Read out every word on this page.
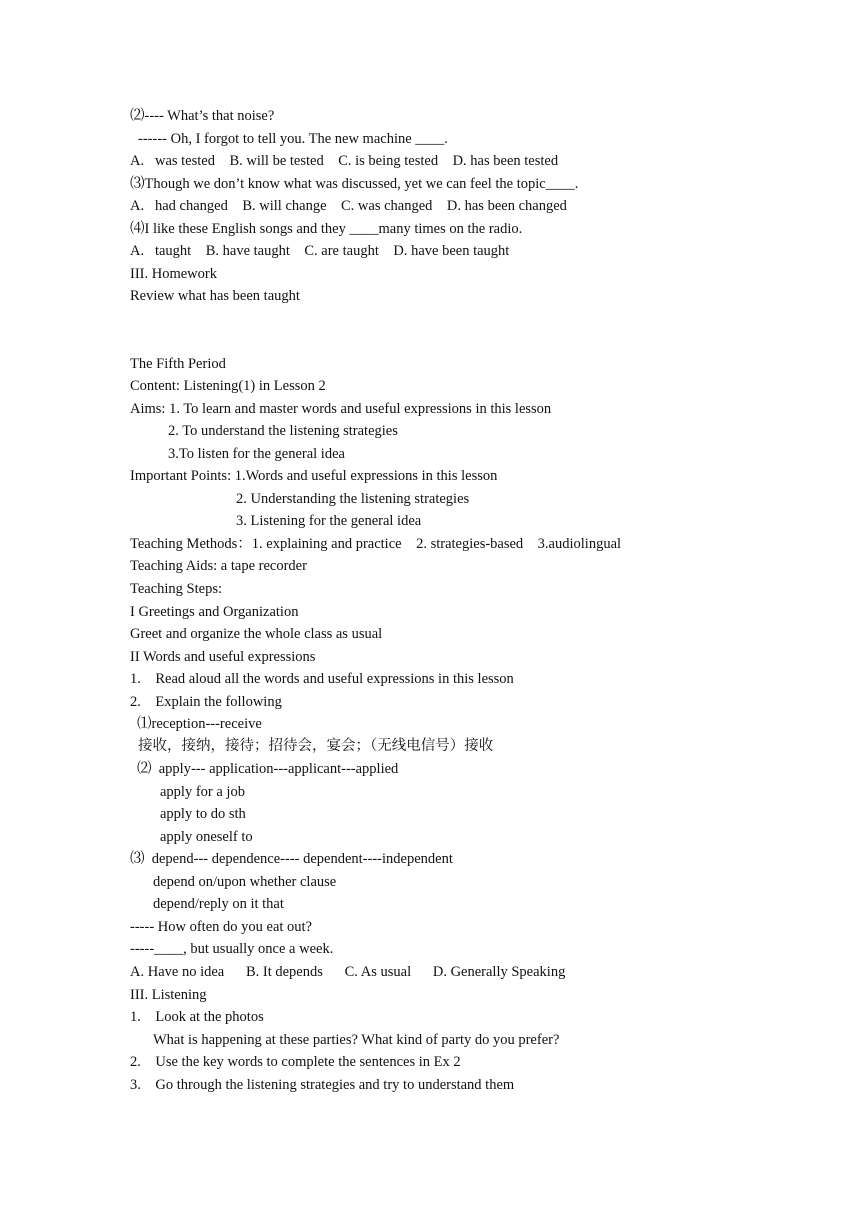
⑵---- What’s that noise?
------ Oh, I forgot to tell you. The new machine ____.
A.   was tested    B. will be tested    C. is being tested    D. has been tested
⑶Though we don’t know what was discussed, yet we can feel the topic____.
A.   had changed    B. will change    C. was changed    D. has been changed
⑷I like these English songs and they ____many times on the radio.
A.   taught    B. have taught    C. are taught    D. have been taught
III. Homework
Review what has been taught
The Fifth Period
Content: Listening(1) in Lesson 2
Aims: 1. To learn and master words and useful expressions in this lesson
2. To understand the listening strategies
3.To listen for the general idea
Important Points: 1.Words and useful expressions in this lesson
2. Understanding the listening strategies
3. Listening for the general idea
Teaching Methods：1. explaining and practice    2. strategies-based    3.audiolingual
Teaching Aids: a tape recorder
Teaching Steps:
I Greetings and Organization
Greet and organize the whole class as usual
II Words and useful expressions
1.    Read aloud all the words and useful expressions in this lesson
2.    Explain the following
⑴reception---receive
接收，接纳，接待；招待会，宴会；（无线电信号）接收
⑵  apply--- application---applicant---applied
apply for a job
apply to do sth
apply oneself to
⑶  depend--- dependence---- dependent----independent
depend on/upon whether clause
depend/reply on it that
----- How often do you eat out?
-----____, but usually once a week.
A. Have no idea      B. It depends      C. As usual      D. Generally Speaking
III. Listening
1.    Look at the photos
What is happening at these parties? What kind of party do you prefer?
2.    Use the key words to complete the sentences in Ex 2
3.    Go through the listening strategies and try to understand them
